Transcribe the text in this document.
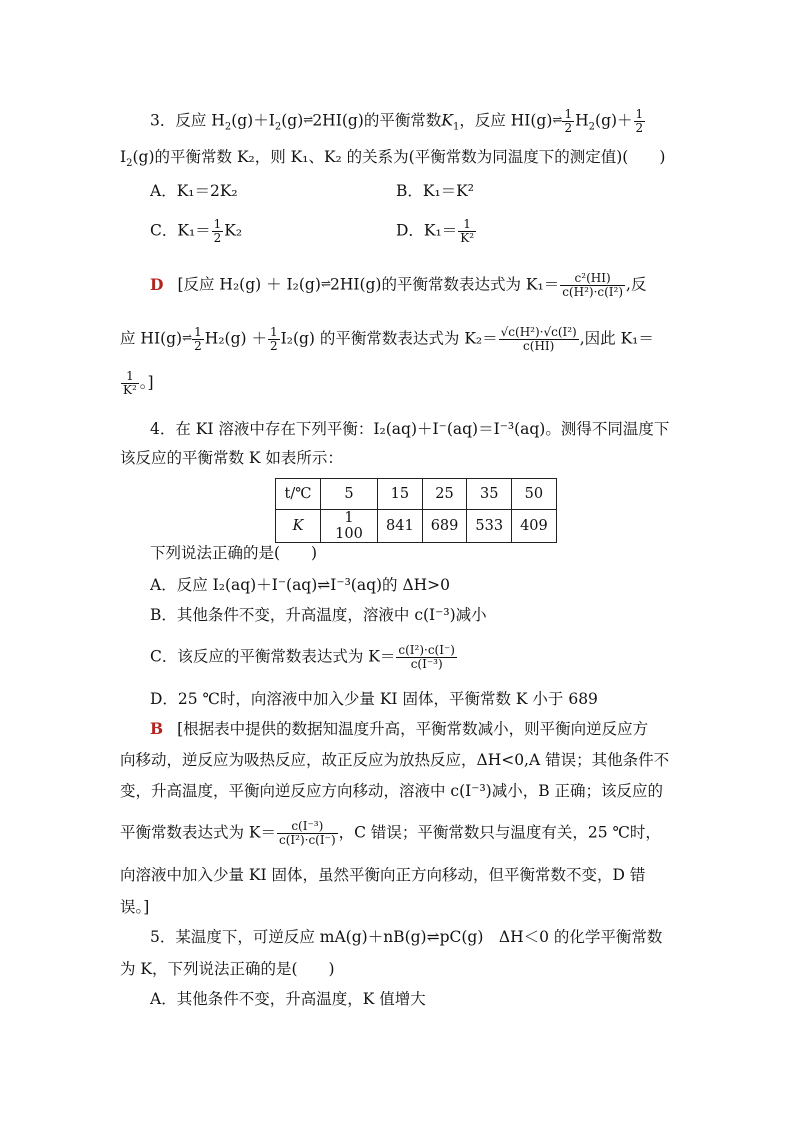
3．反应 $H_2(g)+I_2(g)\rightleftharpoons 2HI(g)$的平衡常数$K_1$，反应 HI(g)⇌ $\frac{1}{2} H_2(g)+ \frac{1}{2}$
$I_2(g)$的平衡常数 K₂，则 K₁、K₂ 的关系为(平衡常数为同温度下的测定值)(　　)
A．K₁＝2K₂	B．K₁＝K²
C．$K_1= \frac{1}{2} K_2$	D．$K_1= \frac{1}{\text{K²}}$
D [反应 H₂(g) ＋ I₂(g)⇌2HI(g)的平衡常数表达式为 $K_1= \frac{\text{c²(HI)}}{\text{c(H²)·c(I²)}}$ ,反
应 HI(g)⇌ $\frac{1}{2} H_2(g) + \frac{1}{2} I_2(g)$ 的平衡常数表达式为 $K_2= \frac{\text{√c(H²)·√c(I²)}}{c(HI)}$ ,因此 K₁＝
$\frac{1}{\text{K²}}$ 。]
4．在 KI 溶液中存在下列平衡：I₂(aq)＋I⁻(aq)＝I⁻³(aq)。测得不同温度下
该反应的平衡常数 K 如表所示：
t/℃	5	15	25	35	50
K	1 100	841	689	533	409
下列说法正确的是(　　)
A．反应 I₂(aq)＋I⁻(aq)⇌I⁻³(aq)的 ΔH>0
B．其他条件不变，升高温度，溶液中 c(I⁻³)减小
C．该反应的平衡常数表达式为 $K= \frac{\text{c(I²)·c(I⁻)}}{\text{c(I⁻³)}}$
D．25 ℃时，向溶液中加入少量 KI 固体，平衡常数 K 小于 689
B [根据表中提供的数据知温度升高，平衡常数减小，则平衡向逆反应方
向移动，逆反应为吸热反应，故正反应为放热反应，ΔH<0,A 错误；其他条件不
变，升高温度，平衡向逆反应方向移动，溶液中 c(I⁻³)减小，B 正确；该反应的
平衡常数表达式为 $K= \frac{\text{c(I⁻³)}}{\text{c(I²)·c(I⁻)}}$ ，C 错误；平衡常数只与温度有关，25 ℃时，
向溶液中加入少量 KI 固体，虽然平衡向正方向移动，但平衡常数不变，D 错
误。]
5．某温度下，可逆反应 mA(g)＋nB(g)⇌pC(g)　ΔH＜0 的化学平衡常数
为 K，下列说法正确的是(　　)
A．其他条件不变，升高温度，K 值增大
